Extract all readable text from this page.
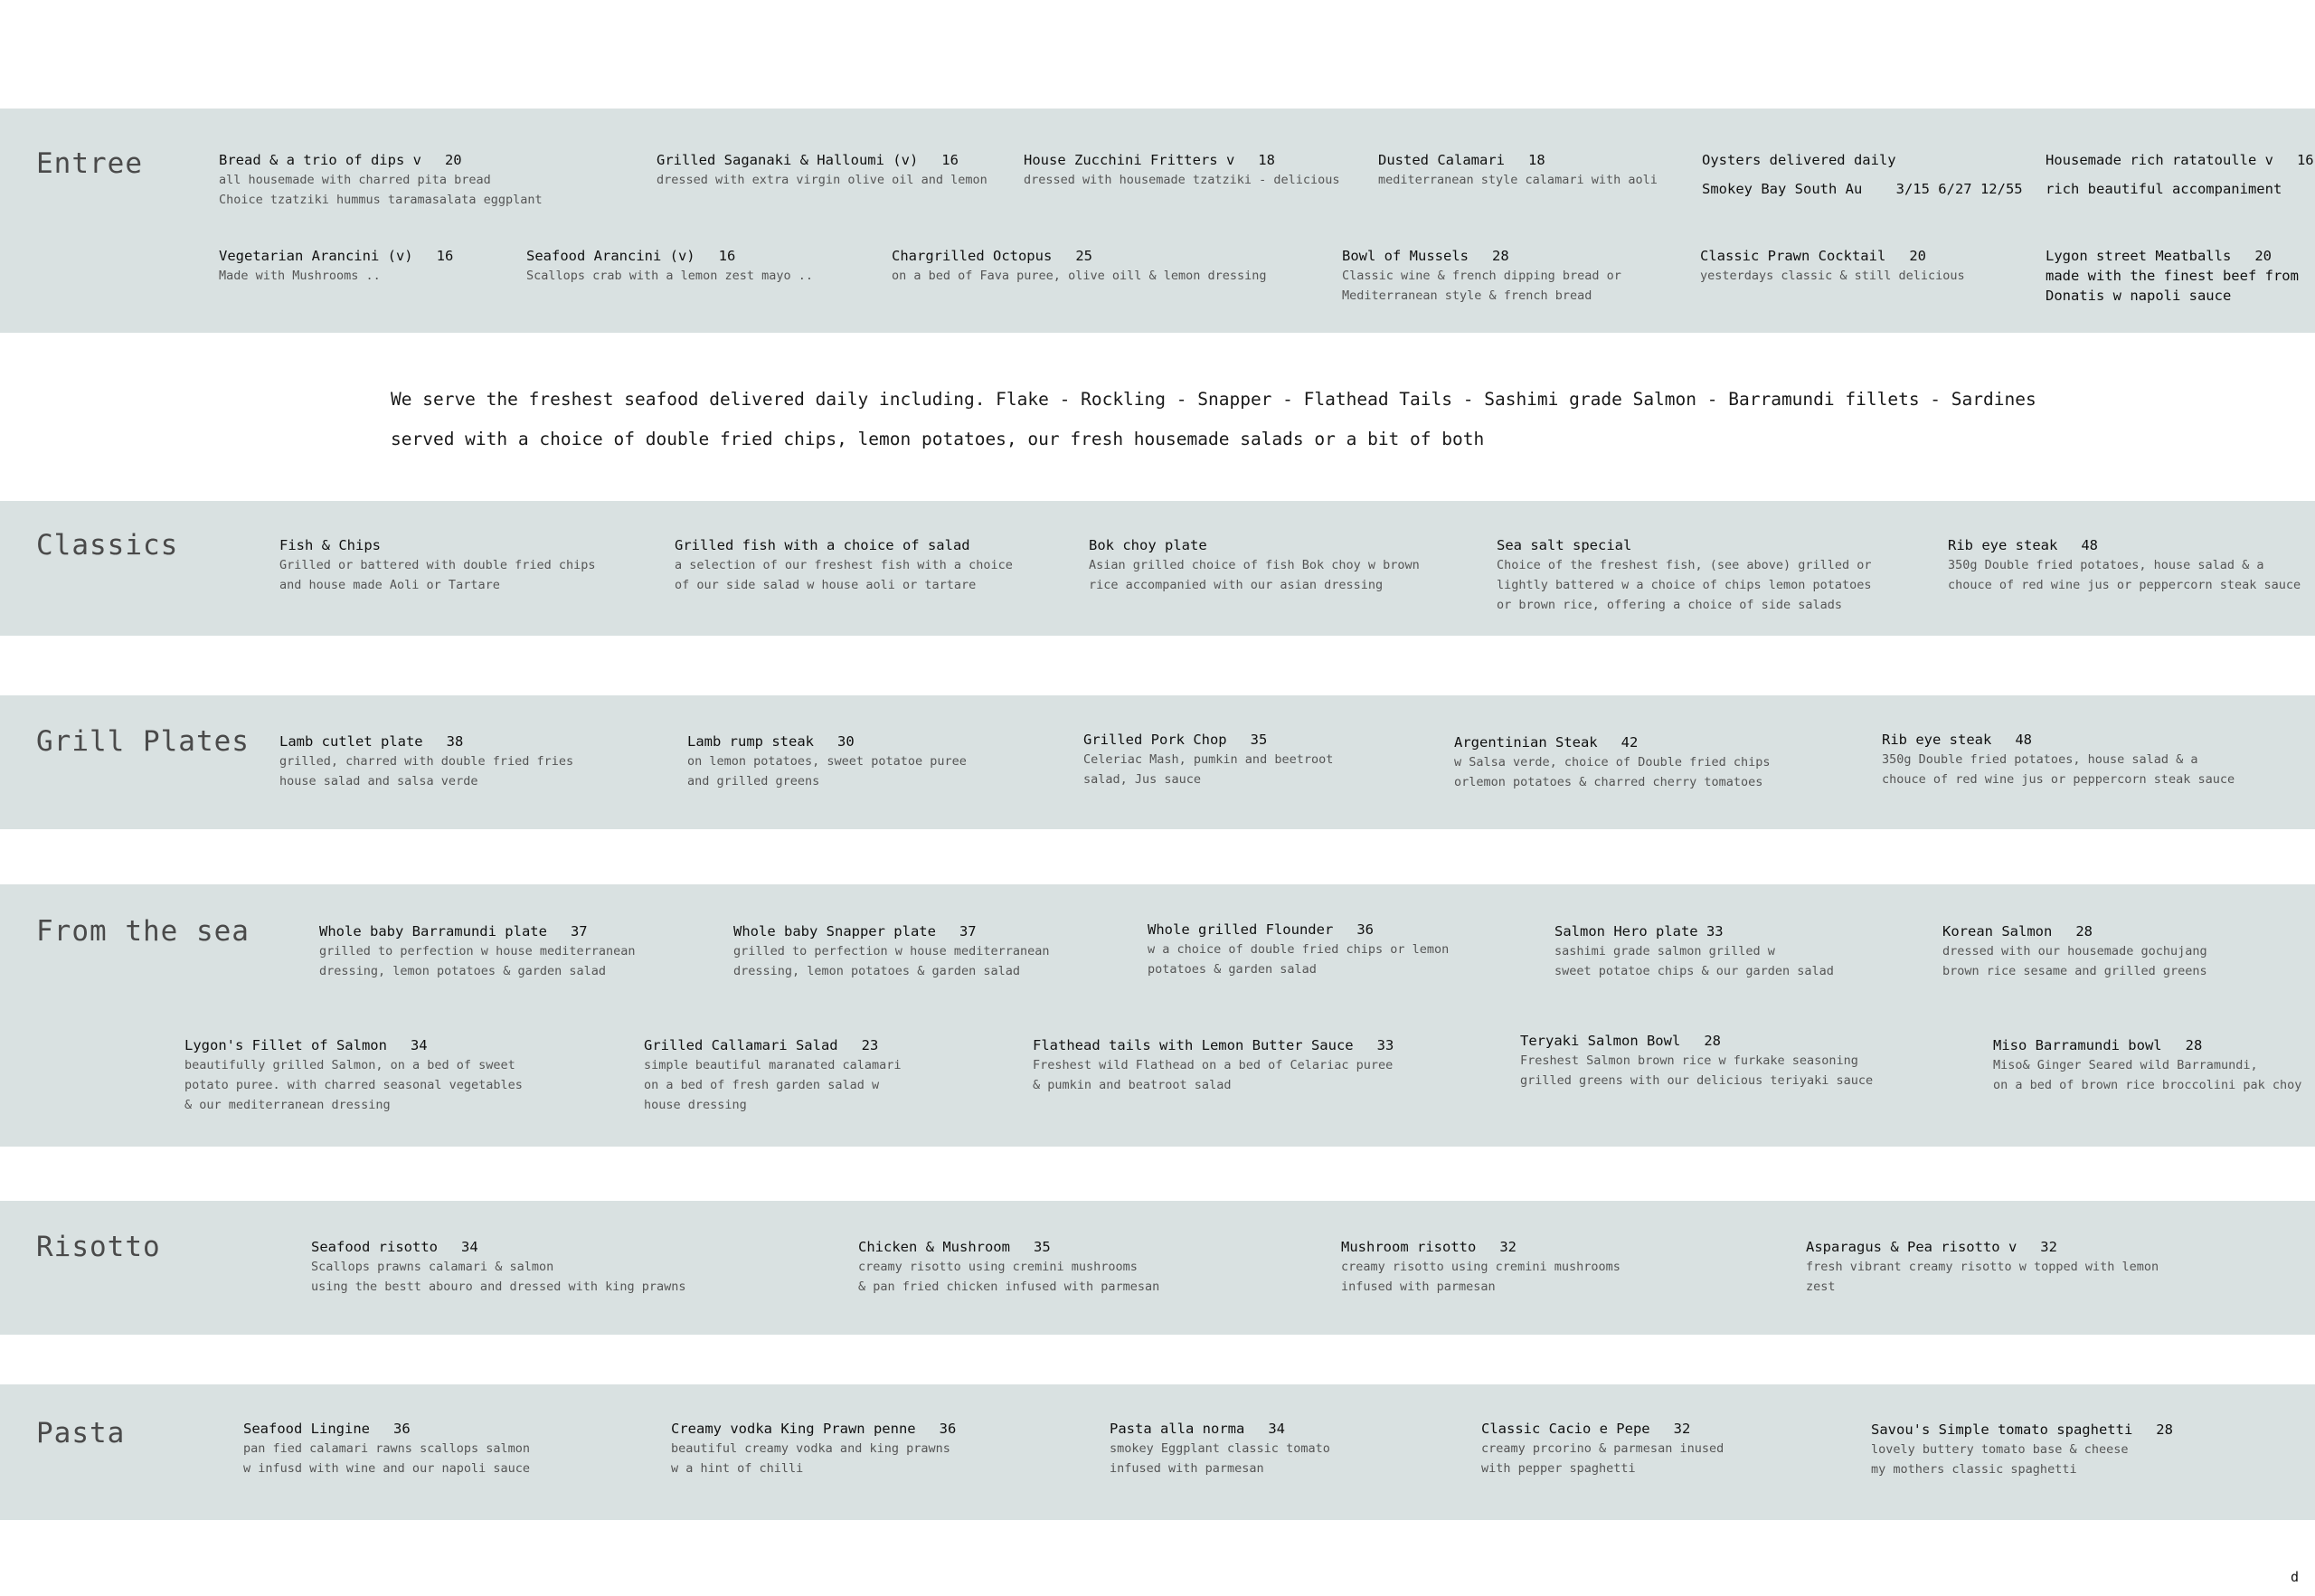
Entree
Classics
Grill Plates
From the sea
Risotto
Pasta
Bread & a trio of dips v 20
all housemade with charred pita bread
Choice tzatziki hummus taramasalata eggplant
Grilled Saganaki & Halloumi (v) 16
dressed with extra virgin olive oil and lemon
House Zucchini Fritters v 18
dressed with housemade tzatziki - delicious
Dusted Calamari 18
mediterranean style calamari with aoli
Oysters delivered daily
Smokey Bay South Au    3/15 6/27 12/55
Housemade rich ratatoulle v 16
rich beautiful accompaniment
Vegetarian Arancini (v) 16
Made with Mushrooms ..
Seafood Arancini (v) 16
Scallops crab with a lemon zest mayo ..
Chargrilled Octopus 25
on a bed of Fava puree, olive oill & lemon dressing
Bowl of Mussels 28
Classic wine & french dipping bread or
Mediterranean style & french bread
Classic Prawn Cocktail 20
yesterdays classic & still delicious
Lygon street Meatballs 20
made with the finest beef from
Donatis w napoli sauce
We serve the freshest seafood delivered daily including. Flake - Rockling - Snapper - Flathead Tails - Sashimi grade Salmon - Barramundi fillets - Sardines
served with a choice of double fried chips, lemon potatoes, our fresh housemade salads or a bit of both
Fish & Chips
Grilled or battered with double fried chips
and house made Aoli or Tartare
Grilled fish with a choice of salad
a selection of our freshest fish with a choice
of our side salad w house aoli or tartare
Bok choy plate
Asian grilled choice of fish Bok choy w brown
rice accompanied with our asian dressing
Sea salt special
Choice of the freshest fish, (see above) grilled or
lightly battered w a choice of chips lemon potatoes
or brown rice, offering a choice of side salads
Rib eye steak 48
350g Double fried potatoes, house salad & a
chouce of red wine jus or peppercorn steak sauce
Lamb cutlet plate 38
grilled, charred with double fried fries
house salad and salsa verde
Lamb rump steak 30
on lemon potatoes, sweet potatoe puree
and grilled greens
Grilled Pork Chop 35
Celeriac Mash, pumkin and beetroot
salad, Jus sauce
Argentinian Steak 42
w Salsa verde, choice of Double fried chips
orlemon potatoes & charred cherry tomatoes
Rib eye steak 48
350g Double fried potatoes, house salad & a
chouce of red wine jus or peppercorn steak sauce
Whole baby Barramundi plate 37
grilled to perfection w house mediterranean
dressing, lemon potatoes & garden salad
Whole baby Snapper plate 37
grilled to perfection w house mediterranean
dressing, lemon potatoes & garden salad
Whole grilled Flounder 36
w a choice of double fried chips or lemon
potatoes & garden salad
Salmon Hero plate 33
sashimi grade salmon grilled w
sweet potatoe chips & our garden salad
Korean Salmon 28
dressed with our housemade gochujang
brown rice sesame and grilled greens
Lygon's Fillet of Salmon 34
beautifully grilled Salmon, on a bed of sweet
potato puree. with charred seasonal vegetables
& our mediterranean dressing
Grilled Callamari Salad 23
simple beautiful maranated calamari
on a bed of fresh garden salad w
house dressing
Flathead tails with Lemon Butter Sauce 33
Freshest wild Flathead on a bed of Celariac puree
& pumkin and beatroot salad
Teryaki Salmon Bowl 28
Freshest Salmon brown rice w furkake seasoning
grilled greens with our delicious teriyaki sauce
Miso Barramundi bowl 28
Miso& Ginger Seared wild Barramundi,
on a bed of brown rice broccolini pak choy
Seafood risotto 34
Scallops prawns calamari & salmon
using the bestt abouro and dressed with king prawns
Chicken & Mushroom 35
creamy risotto using cremini mushrooms
& pan fried chicken infused with parmesan
Mushroom risotto 32
creamy risotto using cremini mushrooms
infused with parmesan
Asparagus & Pea risotto v 32
fresh vibrant creamy risotto w topped with lemon
zest
Seafood Lingine 36
pan fied calamari rawns scallops salmon
w infusd with wine and our napoli sauce
Creamy vodka King Prawn penne 36
beautiful creamy vodka and king prawns
w a hint of chilli
Pasta alla norma 34
smokey Eggplant classic tomato
infused with parmesan
Classic Cacio e Pepe 32
creamy prcorino & parmesan inused
with pepper spaghetti
Savou's Simple tomato spaghetti 28
lovely buttery tomato base & cheese
my mothers classic spaghetti
d
